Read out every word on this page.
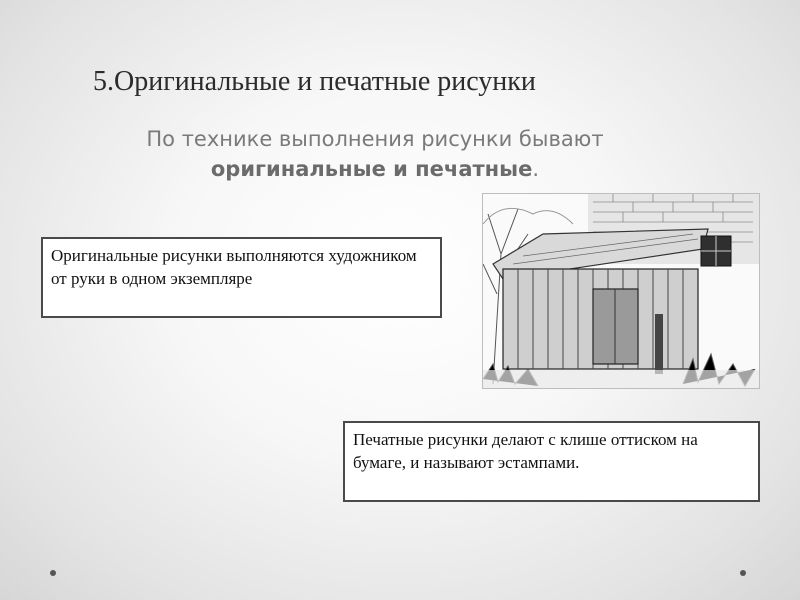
5.Оригинальные и печатные рисунки
По технике выполнения рисунки бывают
оригинальные и печатные.
Оригинальные рисунки выполняются художником от руки в одном экземпляре
Печатные рисунки делают с клише оттиском на бумаге, и называют эстампами.
